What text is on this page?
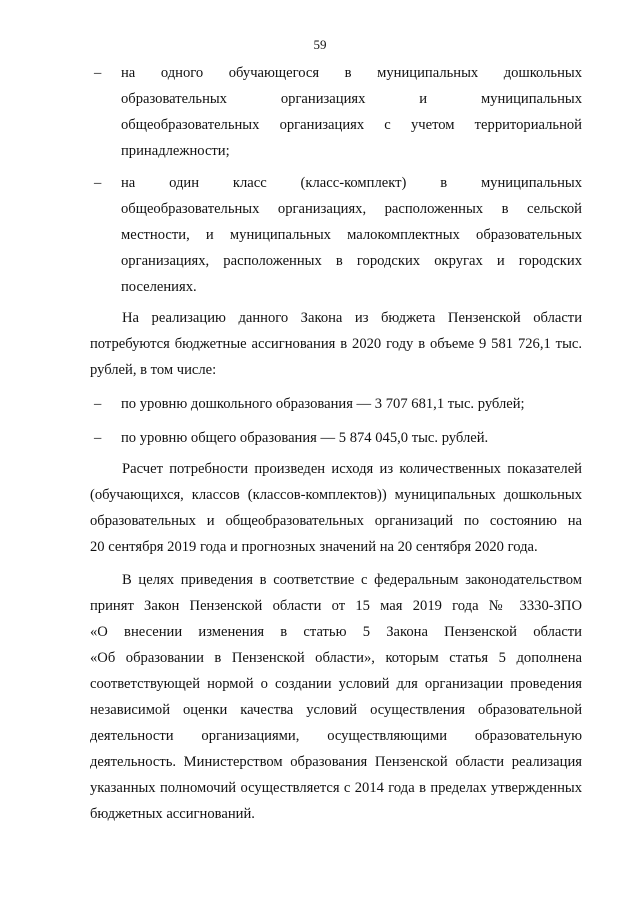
59
– на одного обучающегося в муниципальных дошкольных
образовательных организациях и муниципальных
общеобразовательных организациях с учетом территориальной
принадлежности;
– на один класс (класс-комплект) в муниципальных
общеобразовательных организациях, расположенных в сельской
местности, и муниципальных малокомплектных образовательных
организациях, расположенных в городских округах и городских
поселениях.
На реализацию данного Закона из бюджета Пензенской области
потребуются бюджетные ассигнования в 2020 году в объеме 9 581 726,1 тыс.
рублей, в том числе:
– по уровню дошкольного образования — 3 707 681,1 тыс. рублей;
– по уровню общего образования — 5 874 045,0 тыс. рублей.
Расчет потребности произведен исходя из количественных показателей
(обучающихся, классов (классов-комплектов)) муниципальных дошкольных
образовательных и общеобразовательных организаций по состоянию на
20 сентября 2019 года и прогнозных значений на 20 сентября 2020 года.
В целях приведения в соответствие с федеральным законодательством
принят Закон Пензенской области от 15 мая 2019 года № 3330-ЗПО
«О внесении изменения в статью 5 Закона Пензенской области
«Об образовании в Пензенской области», которым статья 5 дополнена
соответствующей нормой о создании условий для организации проведения
независимой оценки качества условий осуществления образовательной
деятельности организациями, осуществляющими образовательную
деятельность. Министерством образования Пензенской области реализация
указанных полномочий осуществляется с 2014 года в пределах утвержденных
бюджетных ассигнований.
